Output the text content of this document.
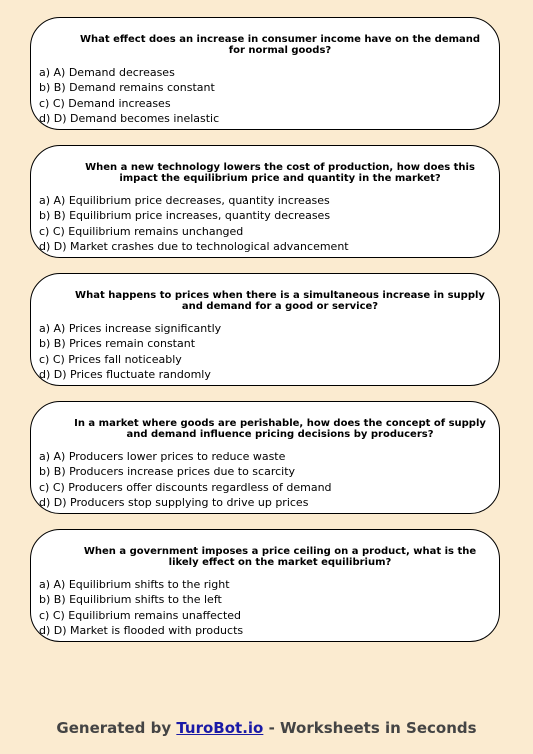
What effect does an increase in consumer income have on the demand for normal goods?
a) A) Demand decreases
b) B) Demand remains constant
c) C) Demand increases
d) D) Demand becomes inelastic
When a new technology lowers the cost of production, how does this impact the equilibrium price and quantity in the market?
a) A) Equilibrium price decreases, quantity increases
b) B) Equilibrium price increases, quantity decreases
c) C) Equilibrium remains unchanged
d) D) Market crashes due to technological advancement
What happens to prices when there is a simultaneous increase in supply and demand for a good or service?
a) A) Prices increase significantly
b) B) Prices remain constant
c) C) Prices fall noticeably
d) D) Prices fluctuate randomly
In a market where goods are perishable, how does the concept of supply and demand influence pricing decisions by producers?
a) A) Producers lower prices to reduce waste
b) B) Producers increase prices due to scarcity
c) C) Producers offer discounts regardless of demand
d) D) Producers stop supplying to drive up prices
When a government imposes a price ceiling on a product, what is the likely effect on the market equilibrium?
a) A) Equilibrium shifts to the right
b) B) Equilibrium shifts to the left
c) C) Equilibrium remains unaffected
d) D) Market is flooded with products
Generated by TuroBot.io - Worksheets in Seconds
